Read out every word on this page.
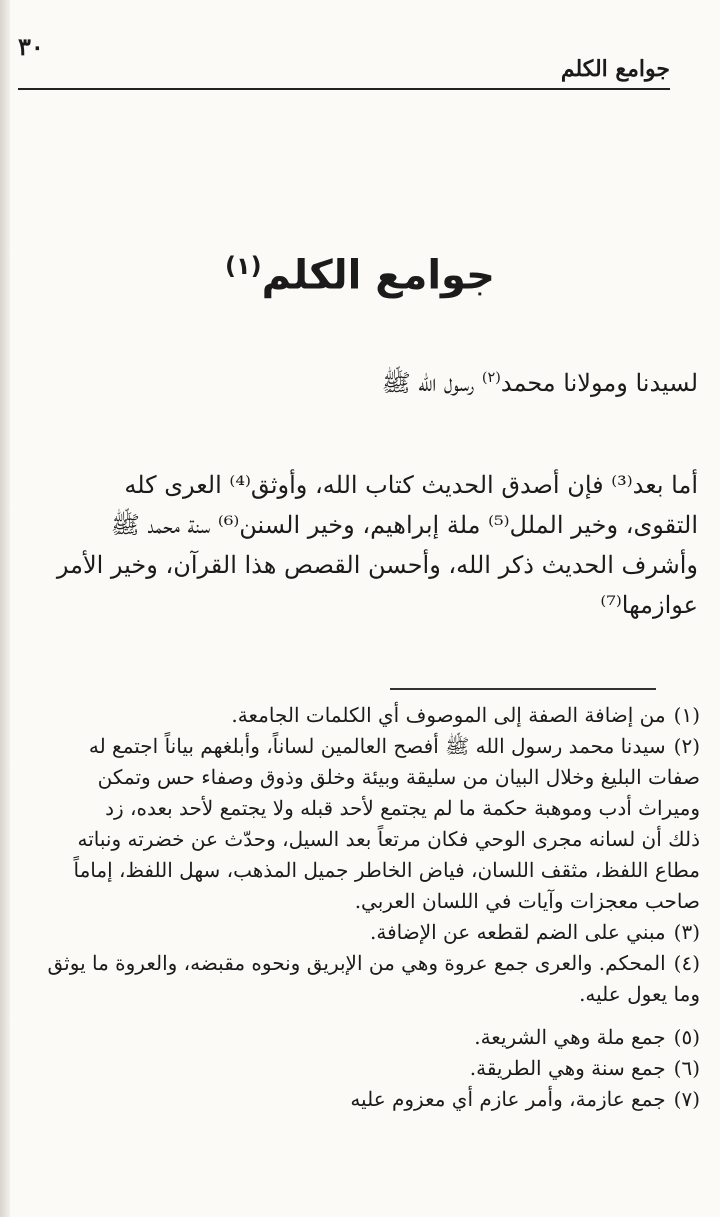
٣٠
جوامع الكلم
جوامع الكلم$^{(١)}$
لسيدنا ومولانا محمد$^{(٢)}$ رسول الله ﷺ
أما بعد⁽³⁾ فإن أصدق الحديث كتاب الله، وأوثق⁽⁴⁾ العرى كله
التقوى، وخير الملل⁽⁵⁾ ملة إبراهيم، وخير السنن⁽⁶⁾ سنة محمد ﷺ
وأشرف الحديث ذكر الله، وأحسن القصص هذا القرآن، وخير الأمر
عوازمها⁽⁷⁾
(١)من إضافة الصفة إلى الموصوف أي الكلمات الجامعة.
(٢)سيدنا محمد رسول الله ﷺ أفصح العالمين لساناً، وأبلغهم بياناً اجتمع له
صفات البليغ وخلال البيان من سليقة وبيئة وخلق وذوق وصفاء حس وتمكن
وميراث أدب وموهبة حكمة ما لم يجتمع لأحد قبله ولا يجتمع لأحد بعده، زد
ذلك أن لسانه مجرى الوحي فكان مرتعاً بعد السيل، وحدّث عن خضرته ونباته
مطاع اللفظ، مثقف اللسان، فياض الخاطر جميل المذهب، سهل اللفظ، إماماً
صاحب معجزات وآيات في اللسان العربي.
(٣)مبني على الضم لقطعه عن الإضافة.
(٤)المحكم. والعرى جمع عروة وهي من الإبريق ونحوه مقبضه، والعروة ما يوثق
وما يعول عليه.
(٥)جمع ملة وهي الشريعة.
(٦)جمع سنة وهي الطريقة.
(٧)جمع عازمة، وأمر عازم أي معزوم عليه
